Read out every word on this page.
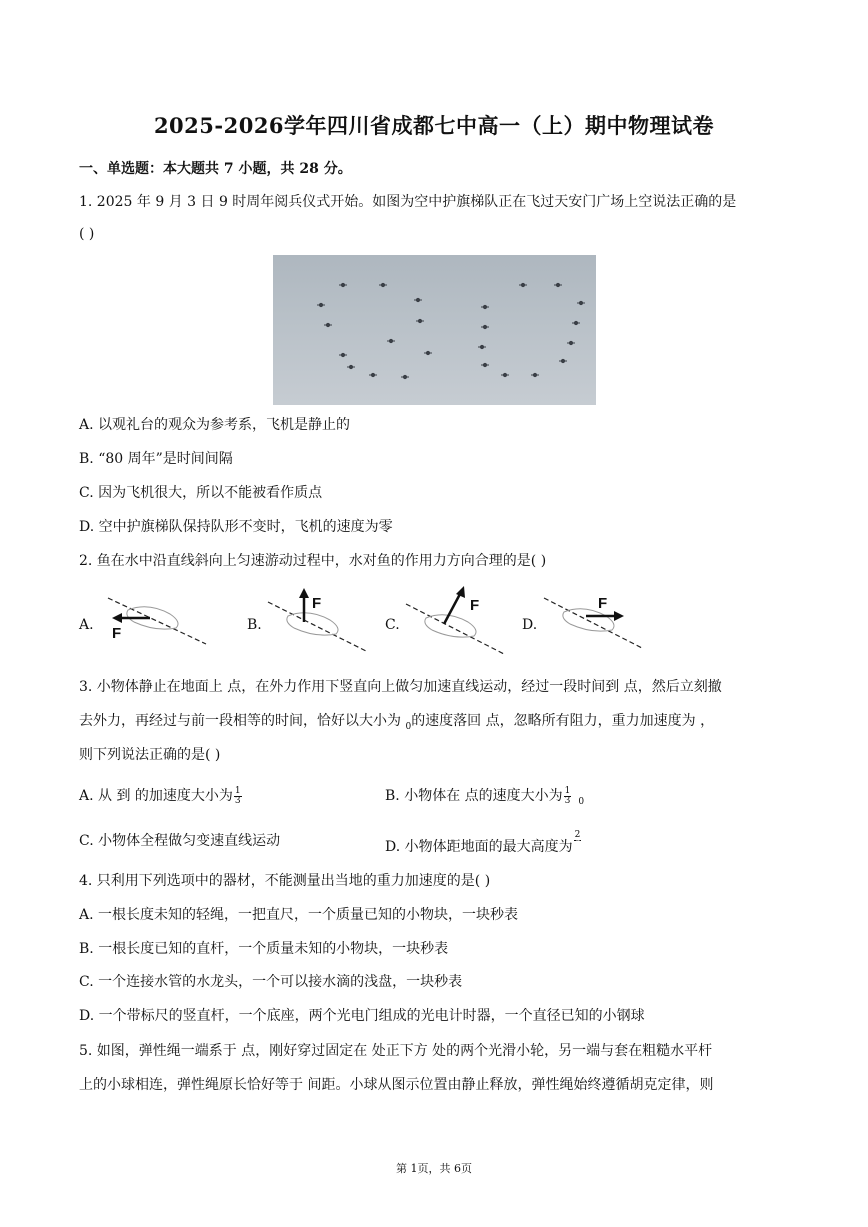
2025-2026学年四川省成都七中高一（上）期中物理试卷
一、单选题：本大题共 7 小题，共 28 分。
1. 2025 年 9 月 3 日 9 时周年阅兵仪式开始。如图为空中护旗梯队正在飞过天安门广场上空说法正确的是
( )
A. 以观礼台的观众为参考系，飞机是静止的
B. “80 周年”是时间间隔
C. 因为飞机很大，所以不能被看作质点
D. 空中护旗梯队保持队形不变时，飞机的速度为零
2. 鱼在水中沿直线斜向上匀速游动过程中，水对鱼的作用力方向合理的是( )
A. F	B.
F
C.
F
D.
F
3. 小物体静止在地面上 点，在外力作用下竖直向上做匀加速直线运动，经过一段时间到 点，然后立刻撤
去外力，再经过与前一段相等的时间，恰好以大小为 $_0$的速度落回 点，忽略所有阻力，重力加速度为 ，
则下列说法正确的是( )
A. 从 到 的加速度大小为 $\frac{1}{3}$	B. 小物体在 点的速度大小为 $\frac{1}{3} _0$
C. 小物体全程做匀变速直线运动	D. 小物体距地面的最大高度为 $\frac{2}{6}$
4. 只利用下列选项中的器材，不能测量出当地的重力加速度的是( )
A. 一根长度未知的轻绳，一把直尺，一个质量已知的小物块，一块秒表
B. 一根长度已知的直杆，一个质量未知的小物块，一块秒表
C. 一个连接水管的水龙头，一个可以接水滴的浅盘，一块秒表
D. 一个带标尺的竖直杆，一个底座，两个光电门组成的光电计时器，一个直径已知的小钢球
5. 如图，弹性绳一端系于 点，刚好穿过固定在 处正下方 处的两个光滑小轮，另一端与套在粗糙水平杆
上的小球相连，弹性绳原长恰好等于 间距。小球从图示位置由静止释放，弹性绳始终遵循胡克定律，则
第 1页，共 6页
